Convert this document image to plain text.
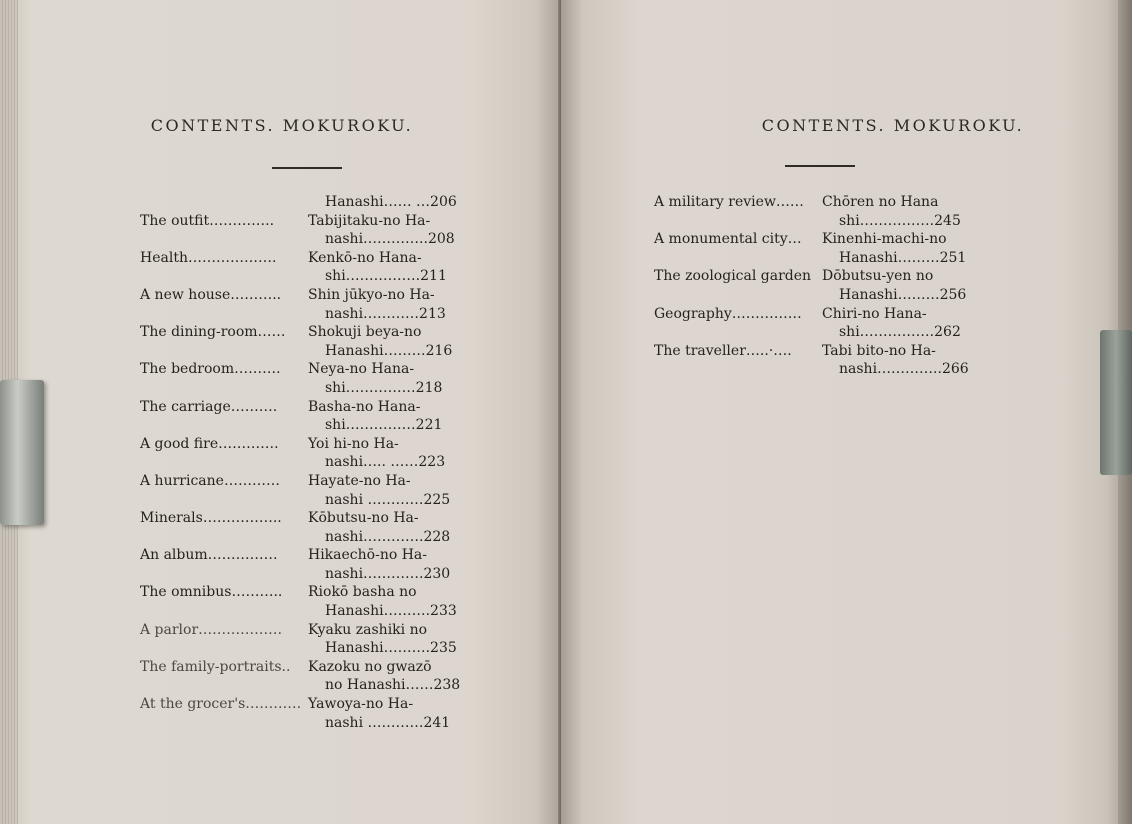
CONTENTS. MOKUROKU.
Hanashi…… …206
The outfit………….. Tabijitaku-no Ha-
nashi…………..208
Health………………. Kenkō-no Hana-
shi…………….211
A new house……….. Shin jūkyo-no Ha-
nashi…………213
The dining-room…… Shokuji beya-no
Hanashi………216
The bedroom………. Neya-no Hana-
shi……………218
The carriage………. Basha-no Hana-
shi……………221
A good fire…………. Yoi hi-no Ha-
nashi….. ……223
A hurricane………… Hayate-no Ha-
nashi …………225
Minerals…………….. Kōbutsu-no Ha-
nashi………….228
An album…………… Hikaechō-no Ha-
nashi………….230
The omnibus……….. Riokō basha no
Hanashi……….233
A parlor……………… Kyaku zashiki no
Hanashi……….235
The family-portraits.. Kazoku no gwazō
no Hanashi……238
At the grocer's………… Yawoya-no Ha-
nashi …………241
CONTENTS. MOKUROKU.
A military review…… Chōren no Hana
shi…………….245
A monumental city… Kinenhi-machi-no
Hanashi………251
The zoological garden Dōbutsu-yen no
Hanashi………256
Geography…………… Chiri-no Hana-
shi…………….262
The traveller…..·…. Tabi bito-no Ha-
nashi…………..266
